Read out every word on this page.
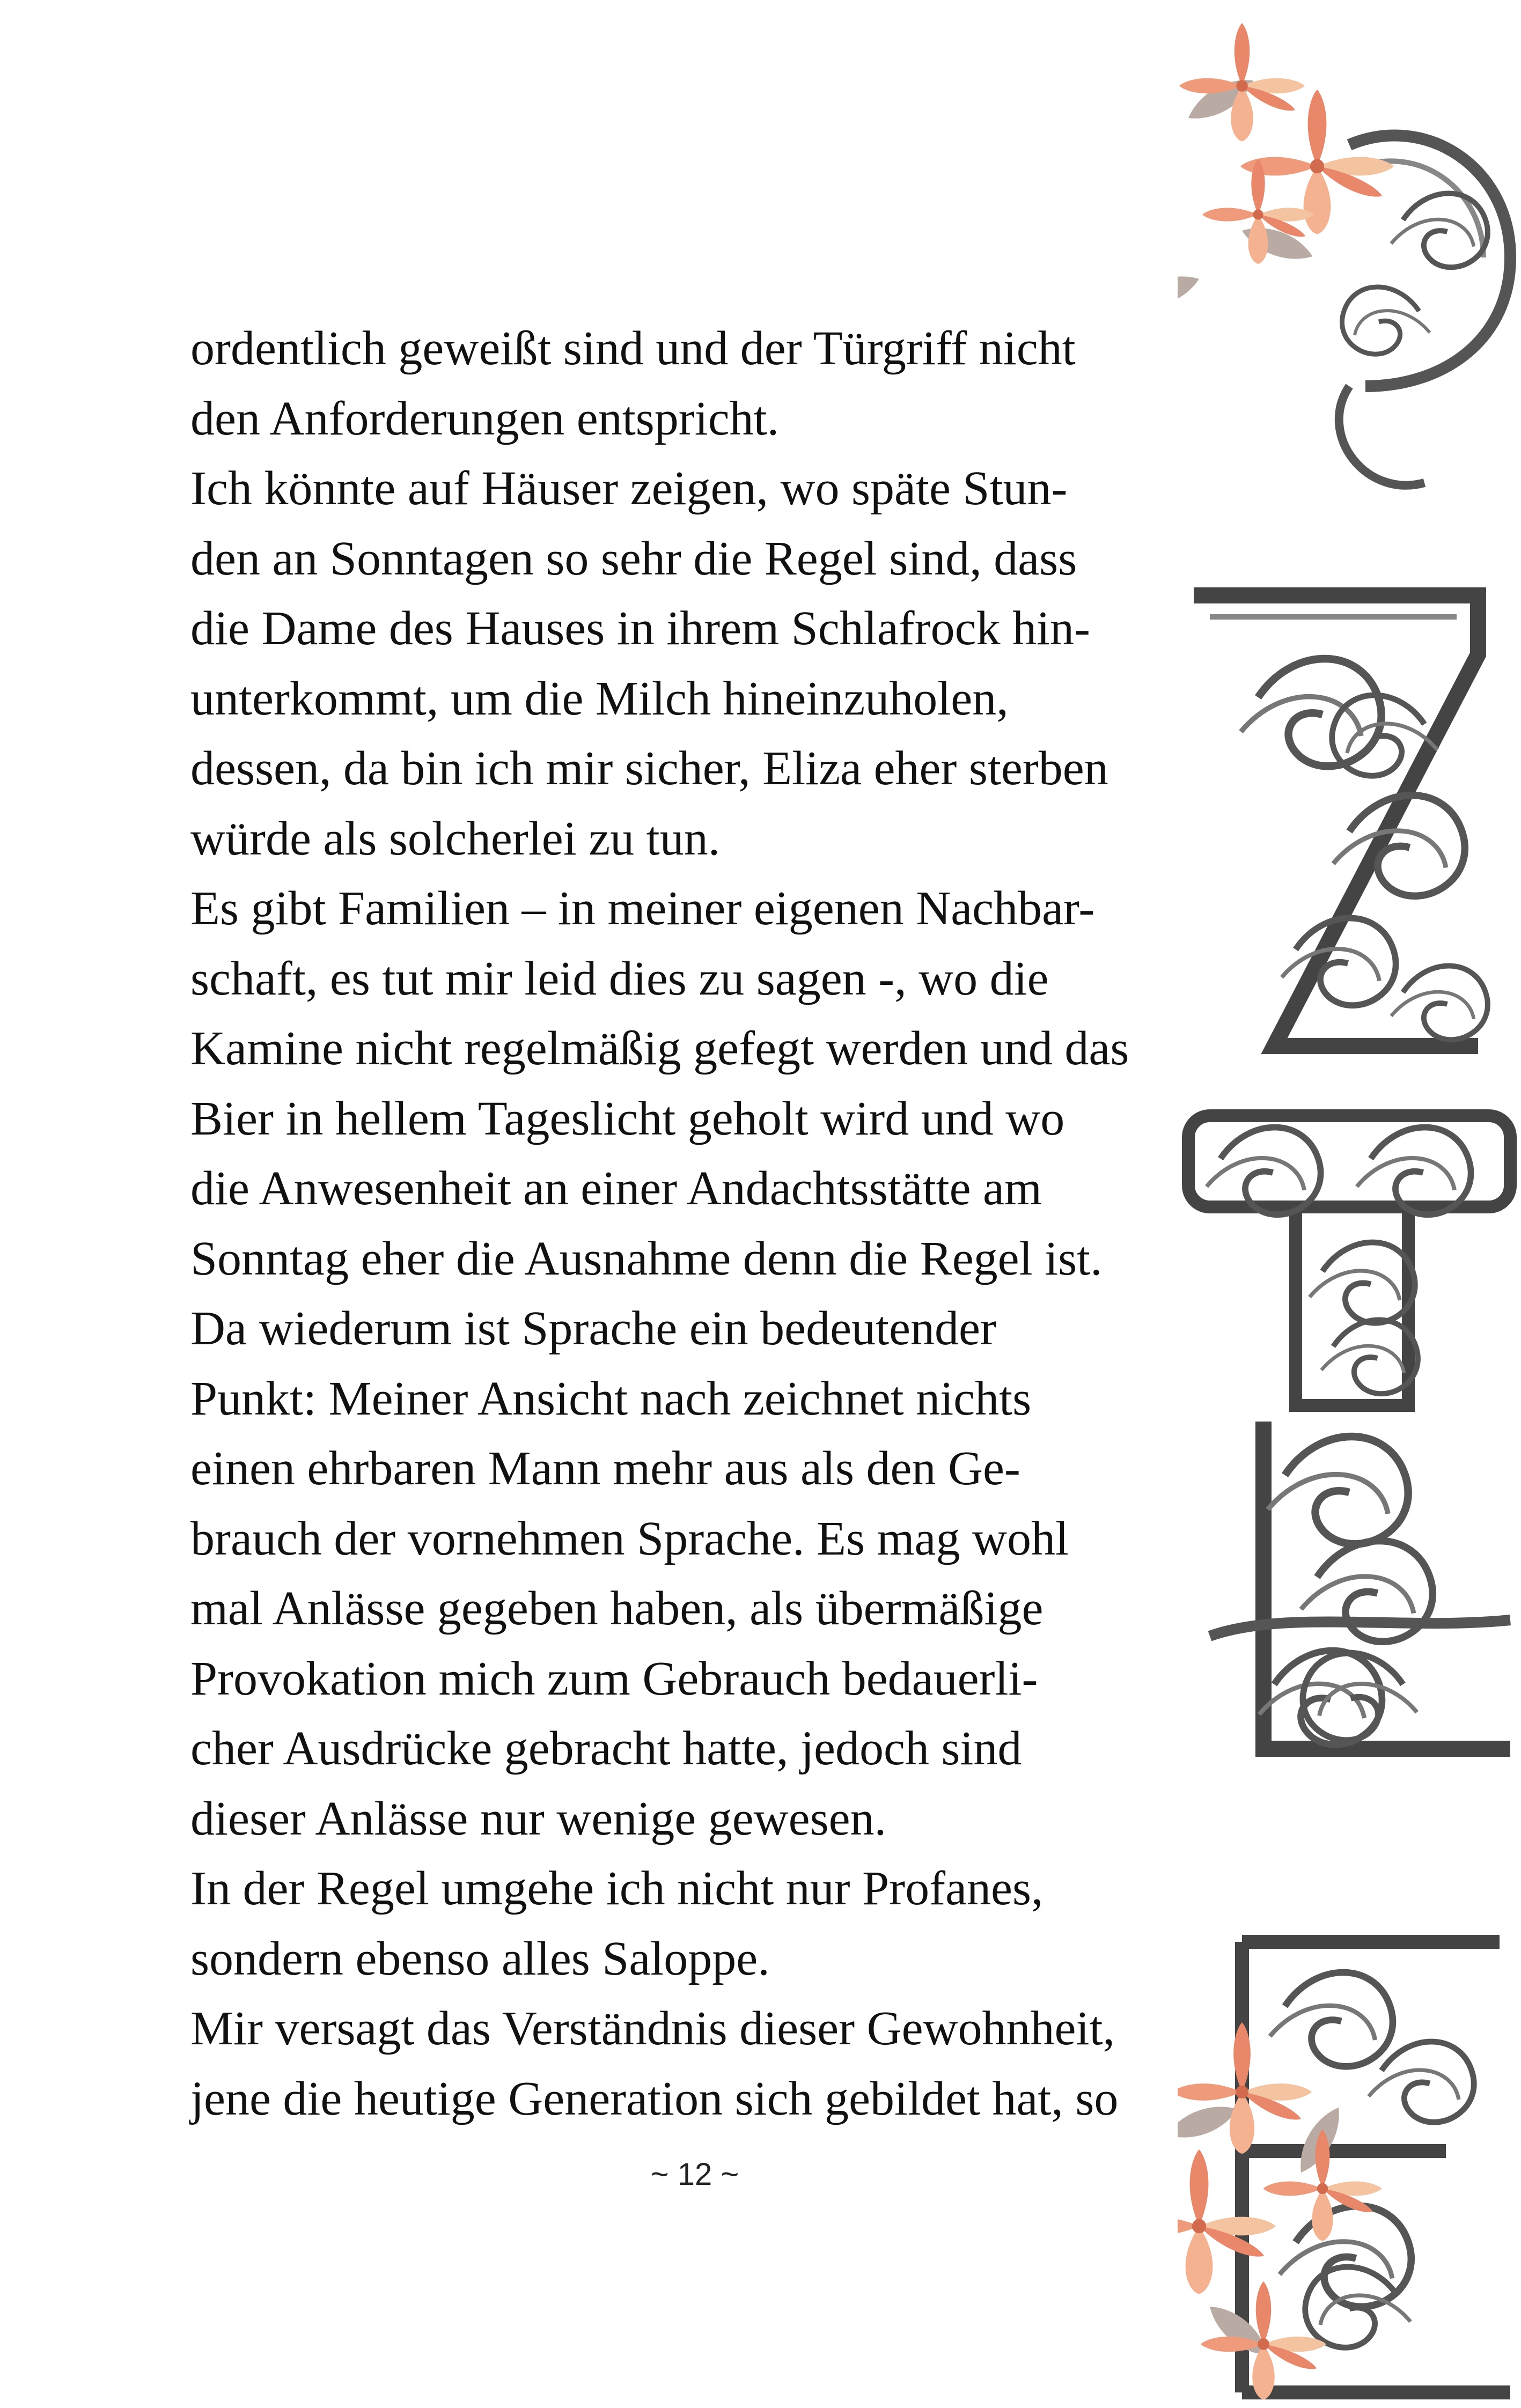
ordentlich geweißt sind und der Türgriff nicht
den Anforderungen entspricht.
Ich könnte auf Häuser zeigen, wo späte Stun-
den an Sonntagen so sehr die Regel sind, dass
die Dame des Hauses in ihrem Schlafrock hin-
unterkommt, um die Milch hineinzuholen,
dessen, da bin ich mir sicher, Eliza eher sterben
würde als solcherlei zu tun.
Es gibt Familien – in meiner eigenen Nachbar-
schaft, es tut mir leid dies zu sagen -, wo die
Kamine nicht regelmäßig gefegt werden und das
Bier in hellem Tageslicht geholt wird und wo
die Anwesenheit an einer Andachtsstätte am
Sonntag eher die Ausnahme denn die Regel ist.
Da wiederum ist Sprache ein bedeutender
Punkt: Meiner Ansicht nach zeichnet nichts
einen ehrbaren Mann mehr aus als den Ge-
brauch der vornehmen Sprache. Es mag wohl
mal Anlässe gegeben haben, als übermäßige
Provokation mich zum Gebrauch bedauerli-
cher Ausdrücke gebracht hatte, jedoch sind
dieser Anlässe nur wenige gewesen.
In der Regel umgehe ich nicht nur Profanes,
sondern ebenso alles Saloppe.
Mir versagt das Verständnis dieser Gewohnheit,
jene die heutige Generation sich gebildet hat, so
~ 12 ~
